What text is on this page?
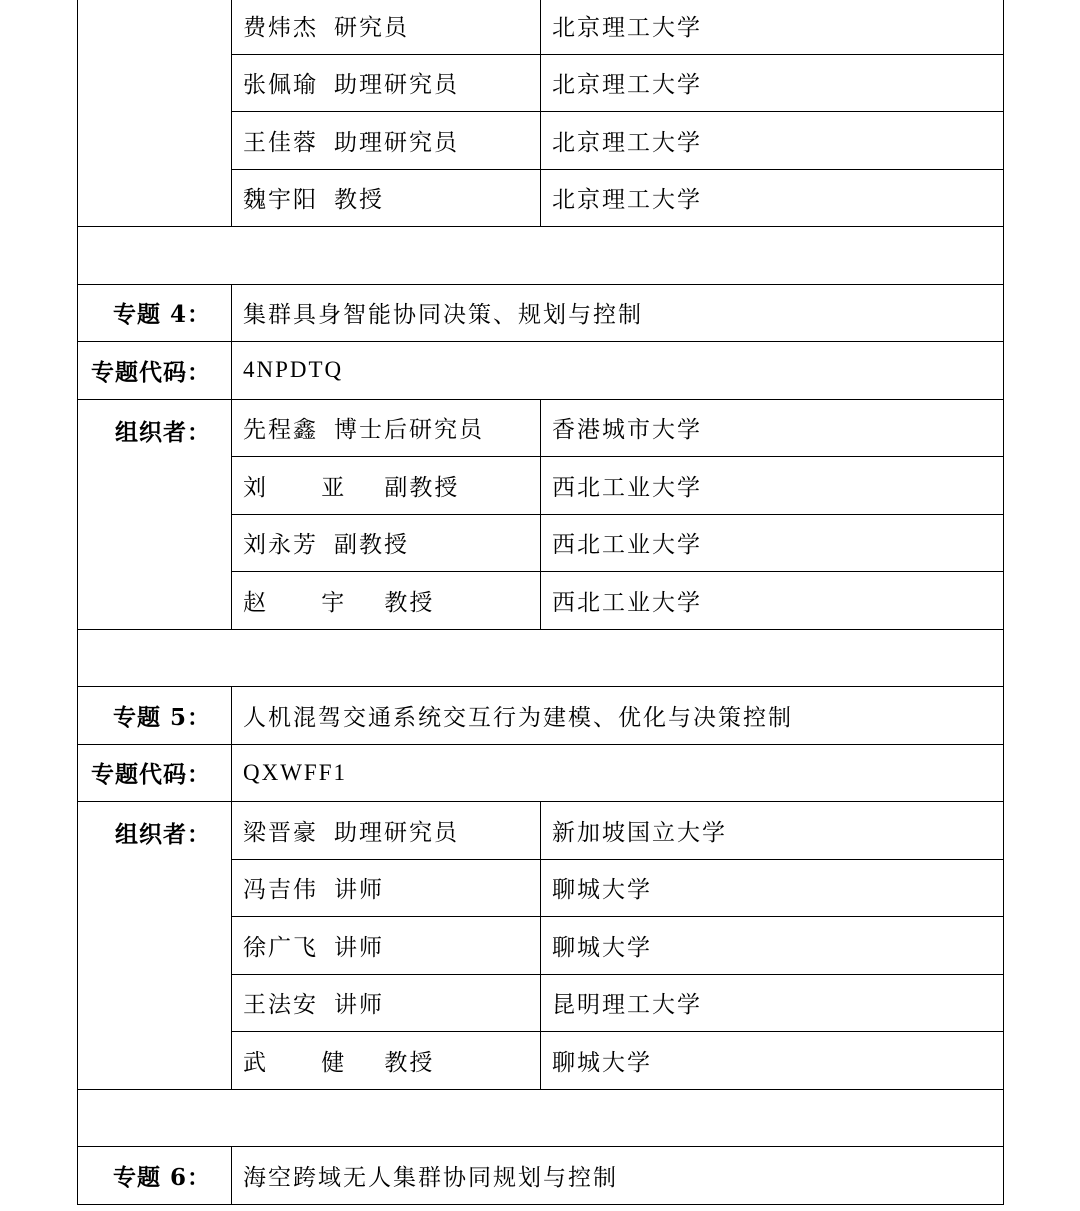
	费炜杰 研究员	北京理工大学
	张佩瑜 助理研究员	北京理工大学
	王佳蓉 助理研究员	北京理工大学
	魏宇阳 教授	北京理工大学

专题 4：	集群具身智能协同决策、规划与控制	
专题代码：	4NPDTQ	
组织者：	先程鑫 博士后研究员	香港城市大学
	刘 亚 副教授	西北工业大学
	刘永芳 副教授	西北工业大学
	赵 宇 教授	西北工业大学

专题 5：	人机混驾交通系统交互行为建模、优化与决策控制	
专题代码：	QXWFF1	
组织者：	梁晋豪 助理研究员	新加坡国立大学
	冯吉伟 讲师	聊城大学
	徐广飞 讲师	聊城大学
	王法安 讲师	昆明理工大学
	武 健 教授	聊城大学

专题 6：	海空跨域无人集群协同规划与控制	
